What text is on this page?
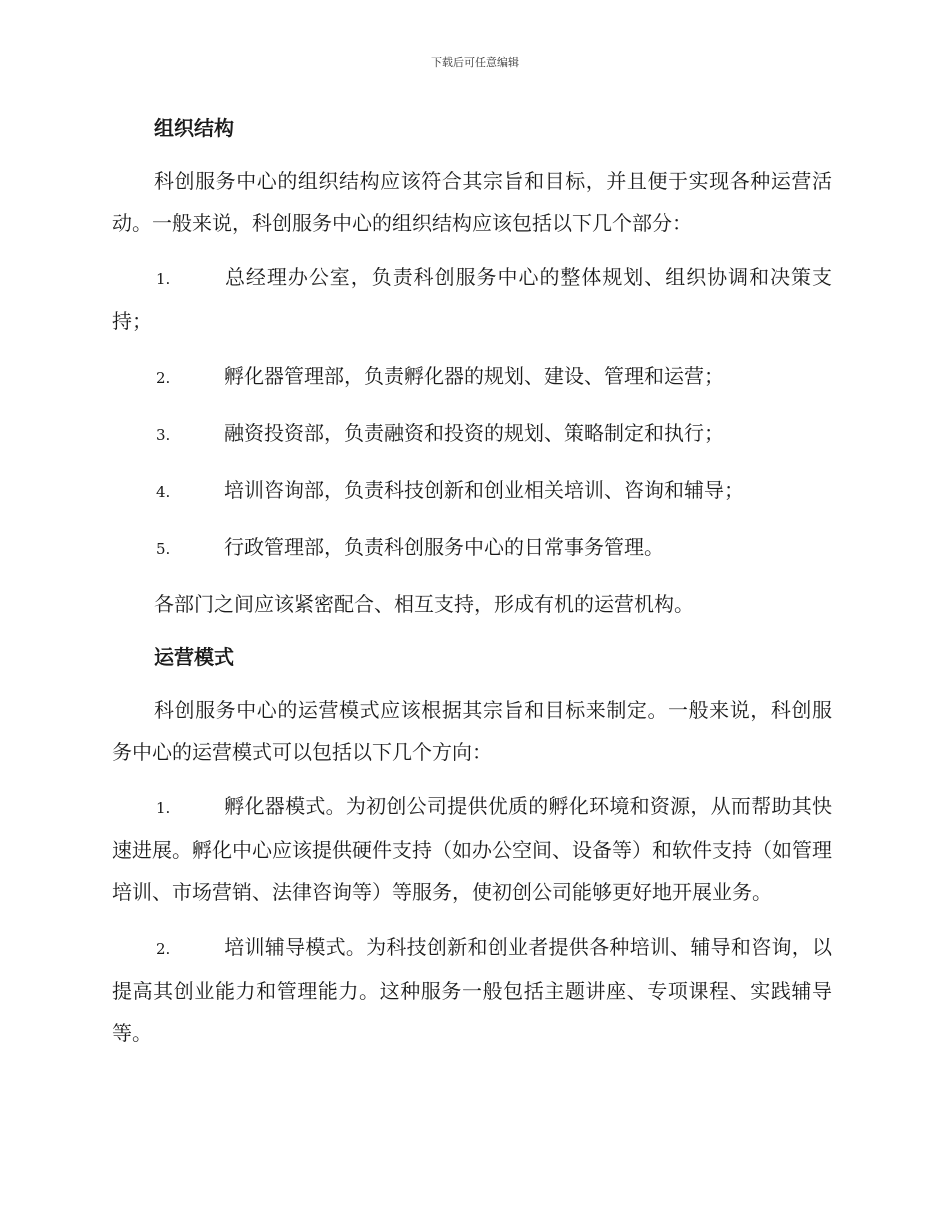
下载后可任意编辑
组织结构
科创服务中心的组织结构应该符合其宗旨和目标，并且便于实现各种运营活动。一般来说，科创服务中心的组织结构应该包括以下几个部分：
1.	总经理办公室，负责科创服务中心的整体规划、组织协调和决策支持；
2.	孵化器管理部，负责孵化器的规划、建设、管理和运营；
3.	融资投资部，负责融资和投资的规划、策略制定和执行；
4.	培训咨询部，负责科技创新和创业相关培训、咨询和辅导；
5.	行政管理部，负责科创服务中心的日常事务管理。
各部门之间应该紧密配合、相互支持，形成有机的运营机构。
运营模式
科创服务中心的运营模式应该根据其宗旨和目标来制定。一般来说，科创服务中心的运营模式可以包括以下几个方向：
1.	孵化器模式。为初创公司提供优质的孵化环境和资源，从而帮助其快速进展。孵化中心应该提供硬件支持（如办公空间、设备等）和软件支持（如管理培训、市场营销、法律咨询等）等服务，使初创公司能够更好地开展业务。
2.	培训辅导模式。为科技创新和创业者提供各种培训、辅导和咨询，以提高其创业能力和管理能力。这种服务一般包括主题讲座、专项课程、实践辅导等。
